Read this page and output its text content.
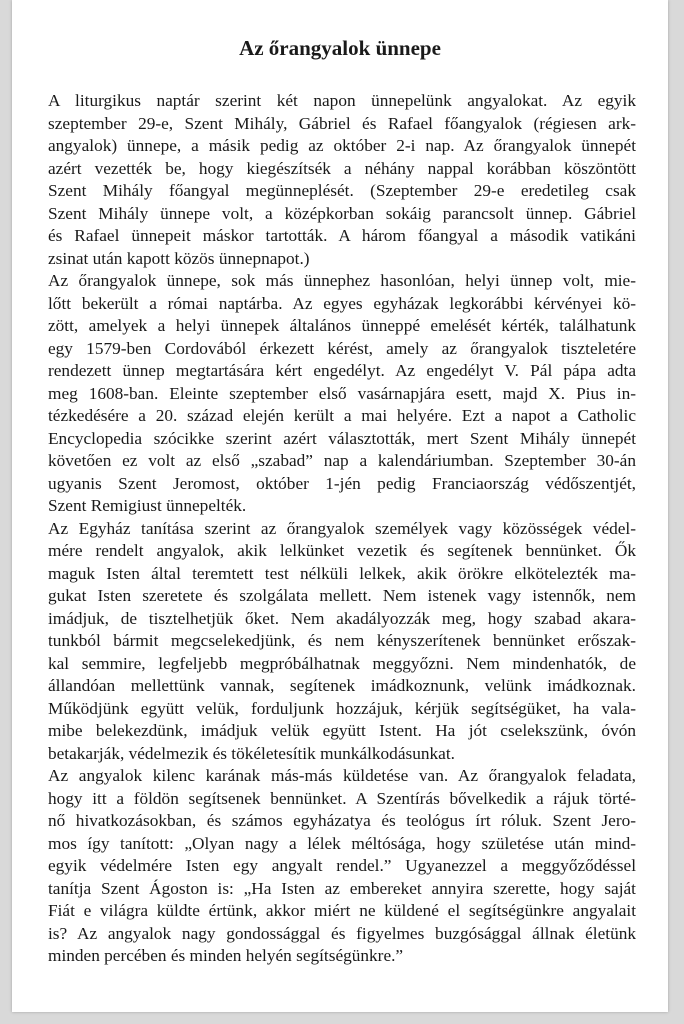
Az őrangyalok ünnepe
A liturgikus naptár szerint két napon ünnepelünk angyalokat. Az egyik
szeptember 29-e, Szent Mihály, Gábriel és Rafael főangyalok (régiesen ark-
angyalok) ünnepe, a másik pedig az október 2-i nap. Az őrangyalok ünnepét
azért vezették be, hogy kiegészítsék a néhány nappal korábban köszöntött
Szent Mihály főangyal megünneplését. (Szeptember 29-e eredetileg csak
Szent Mihály ünnepe volt, a középkorban sokáig parancsolt ünnep. Gábriel
és Rafael ünnepeit máskor tartották. A három főangyal a második vatikáni
zsinat után kapott közös ünnepnapot.)
Az őrangyalok ünnepe, sok más ünnephez hasonlóan, helyi ünnep volt, mie-
lőtt bekerült a római naptárba. Az egyes egyházak legkorábbi kérvényei kö-
zött, amelyek a helyi ünnepek általános ünneppé emelését kérték, találhatunk
egy 1579-ben Cordovából érkezett kérést, amely az őrangyalok tiszteletére
rendezett ünnep megtartására kért engedélyt. Az engedélyt V. Pál pápa adta
meg 1608-ban. Eleinte szeptember első vasárnapjára esett, majd X. Pius in-
tézkedésére a 20. század elején került a mai helyére. Ezt a napot a Catholic
Encyclopedia szócikke szerint azért választották, mert Szent Mihály ünnepét
követően ez volt az első „szabad” nap a kalendáriumban. Szeptember 30-án
ugyanis Szent Jeromost, október 1-jén pedig Franciaország védőszentjét,
Szent Remigiust ünnepelték.
Az Egyház tanítása szerint az őrangyalok személyek vagy közösségek védel-
mére rendelt angyalok, akik lelkünket vezetik és segítenek bennünket. Ők
maguk Isten által teremtett test nélküli lelkek, akik örökre elkötelezték ma-
gukat Isten szeretete és szolgálata mellett. Nem istenek vagy istennők, nem
imádjuk, de tisztelhetjük őket. Nem akadályozzák meg, hogy szabad akara-
tunkból bármit megcselekedjünk, és nem kényszerítenek bennünket erőszak-
kal semmire, legfeljebb megpróbálhatnak meggyőzni. Nem mindenhatók, de
állandóan mellettünk vannak, segítenek imádkoznunk, velünk imádkoznak.
Működjünk együtt velük, forduljunk hozzájuk, kérjük segítségüket, ha vala-
mibe belekezdünk, imádjuk velük együtt Istent. Ha jót cselekszünk, óvón
betakarják, védelmezik és tökéletesítik munkálkodásunkat.
Az angyalok kilenc karának más-más küldetése van. Az őrangyalok feladata,
hogy itt a földön segítsenek bennünket. A Szentírás bővelkedik a rájuk törté-
nő hivatkozásokban, és számos egyházatya és teológus írt róluk. Szent Jero-
mos így tanított: „Olyan nagy a lélek méltósága, hogy születése után mind-
egyik védelmére Isten egy angyalt rendel.” Ugyanezzel a meggyőződéssel
tanítja Szent Ágoston is: „Ha Isten az embereket annyira szerette, hogy saját
Fiát e világra küldte értünk, akkor miért ne küldené el segítségünkre angyalait
is? Az angyalok nagy gondossággal és figyelmes buzgósággal állnak életünk
minden percében és minden helyén segítségünkre.”
